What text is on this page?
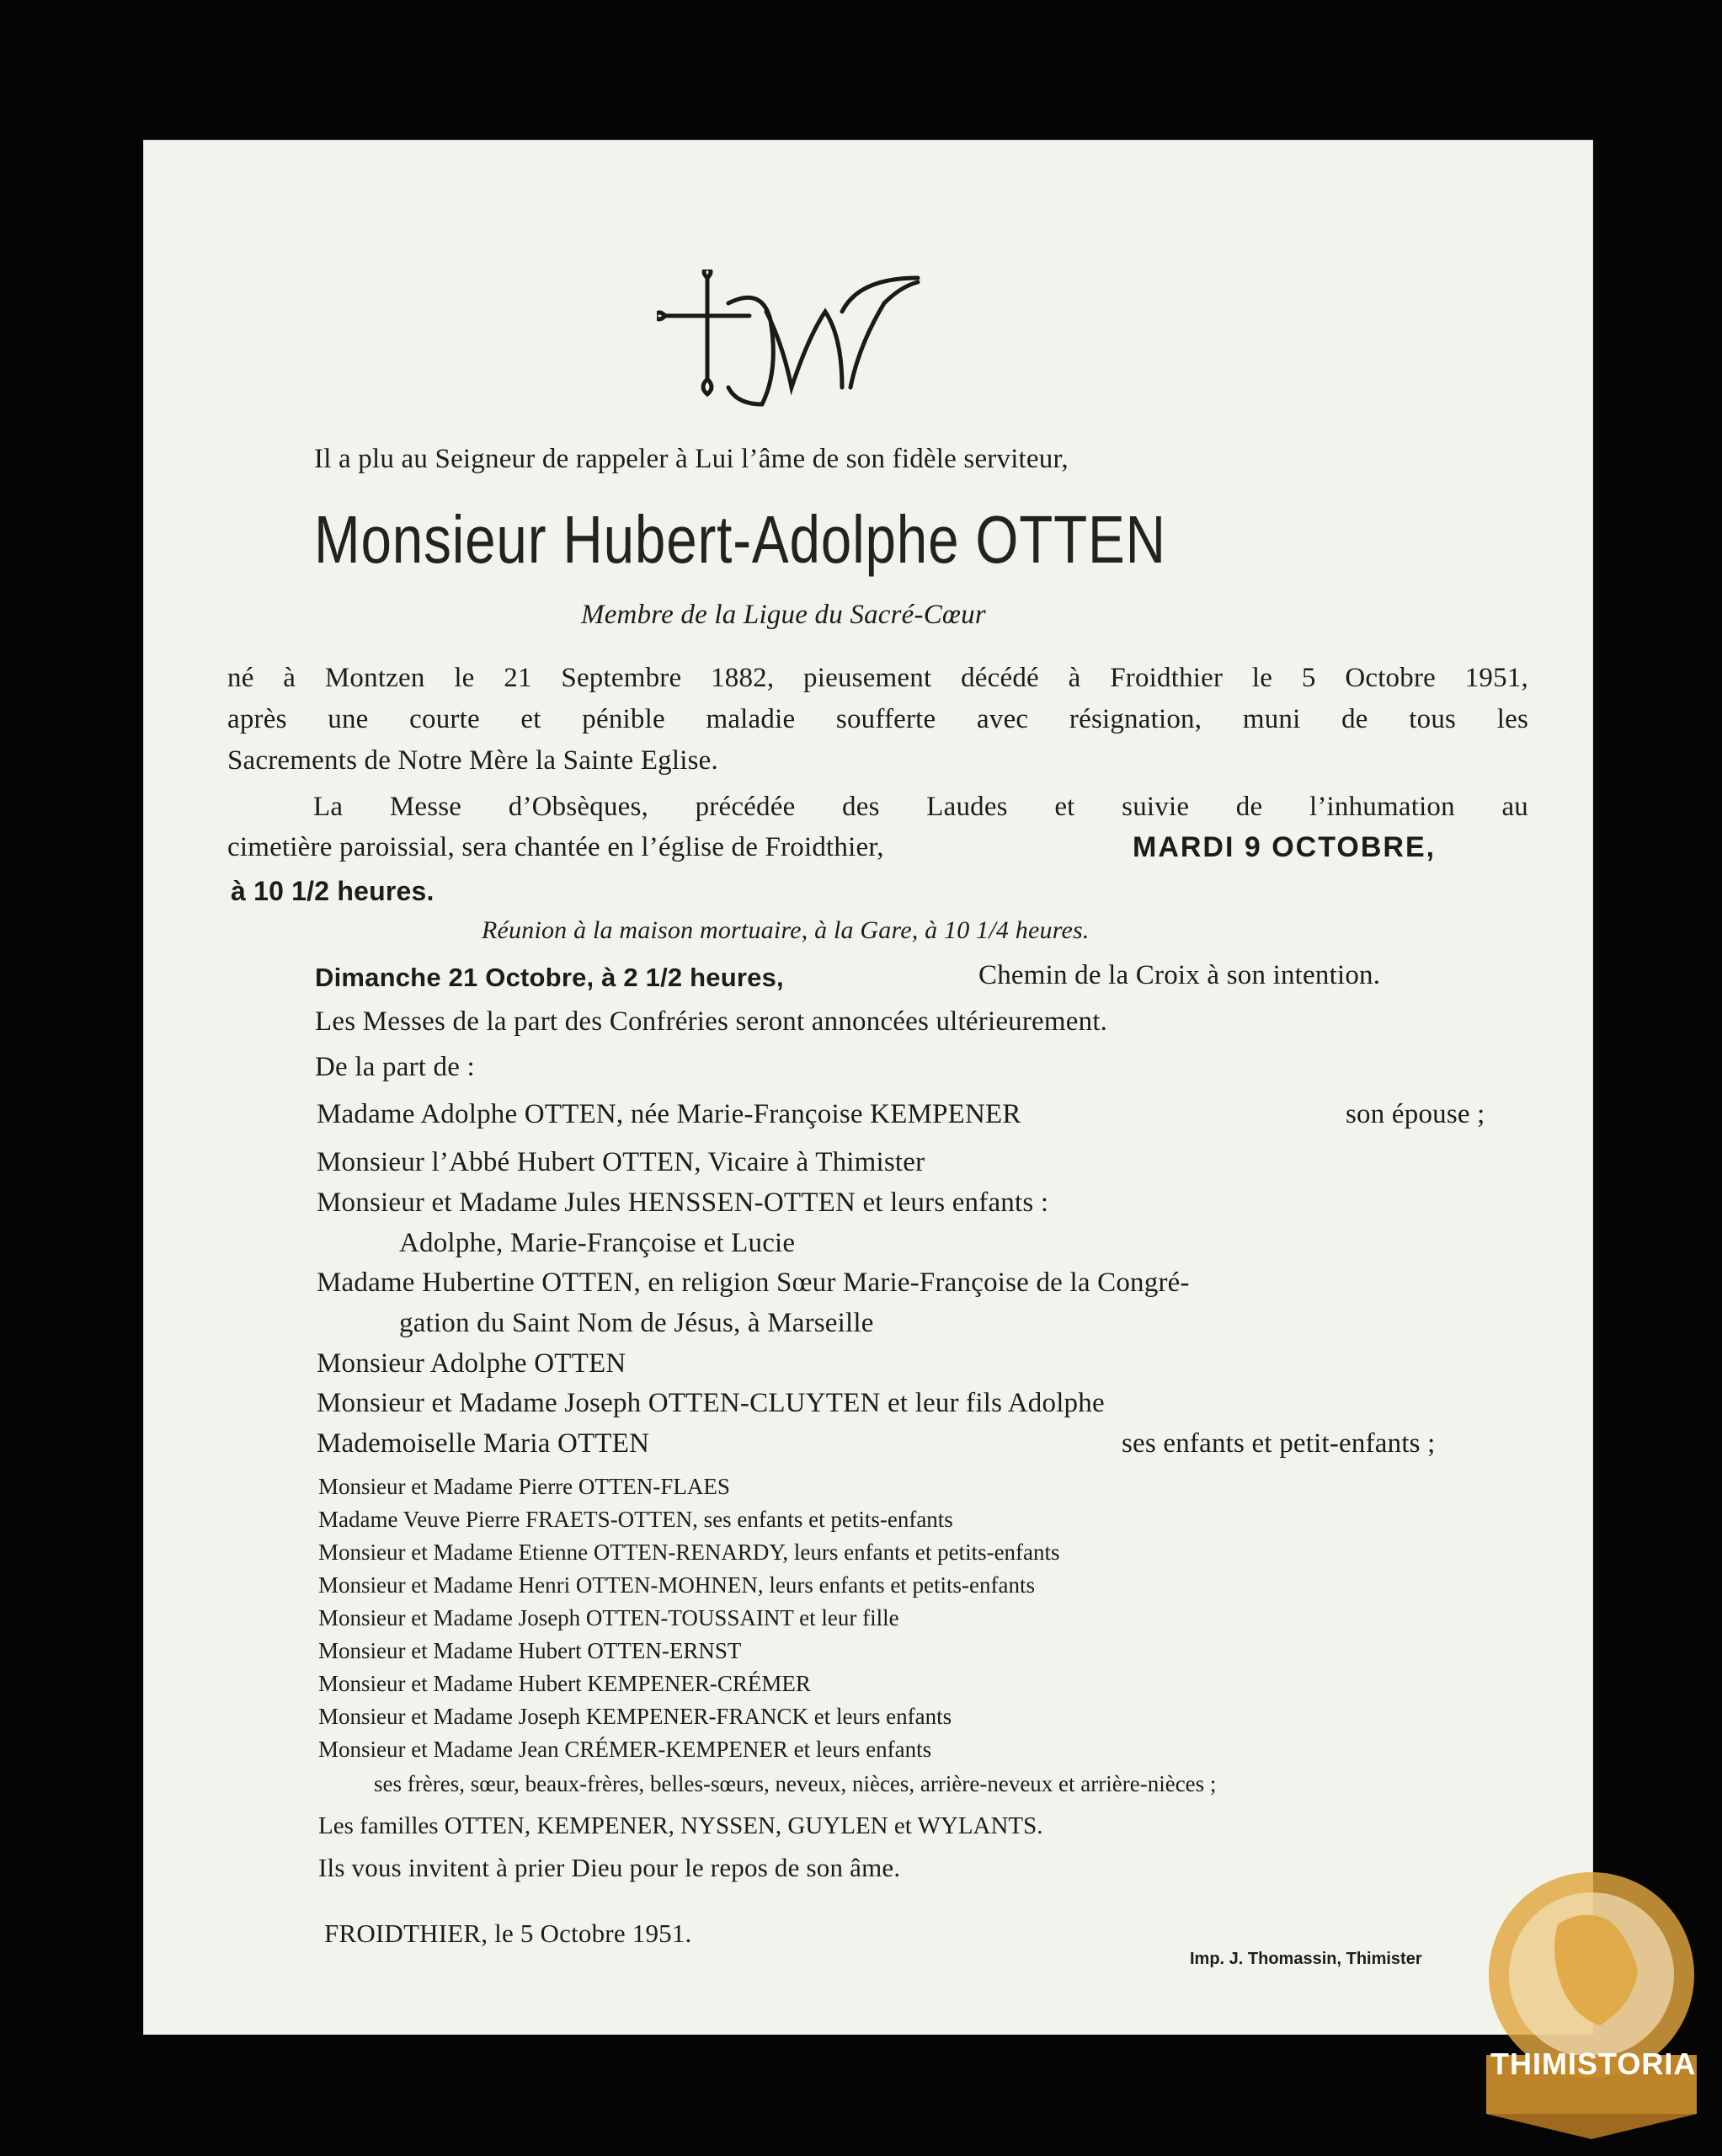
Il a plu au Seigneur de rappeler à Lui l’âme de son fidèle serviteur,
Monsieur Hubert-Adolphe OTTEN
Membre de la Ligue du Sacré-Cœur
né à Montzen le 21 Septembre 1882, pieusement décédé à Froidthier le 5 Octobre 1951,
après une courte et pénible maladie soufferte avec résignation, muni de tous les
Sacrements de Notre Mère la Sainte Eglise.
La Messe d’Obsèques, précédée des Laudes et suivie de l’inhumation au
cimetière paroissial, sera chantée en l’église de Froidthier,	MARDI 9 OCTOBRE,
à 10 1/2 heures.
Réunion à la maison mortuaire, à la Gare, à 10 1/4 heures.
Dimanche 21 Octobre, à 2 1/2 heures,	Chemin de la Croix à son intention.
Les Messes de la part des Confréries seront annoncées ultérieurement.
De la part de :
Madame Adolphe OTTEN, née Marie-Françoise KEMPENER	son épouse ;
Monsieur l’Abbé Hubert OTTEN, Vicaire à Thimister
Monsieur et Madame Jules HENSSEN-OTTEN et leurs enfants :
Adolphe, Marie-Françoise et Lucie
Madame Hubertine OTTEN, en religion Sœur Marie-Françoise de la Congré-
gation du Saint Nom de Jésus, à Marseille
Monsieur Adolphe OTTEN
Monsieur et Madame Joseph OTTEN-CLUYTEN et leur fils Adolphe
Mademoiselle Maria OTTEN	ses enfants et petit-enfants ;
Monsieur et Madame Pierre OTTEN-FLAES
Madame Veuve Pierre FRAETS-OTTEN, ses enfants et petits-enfants
Monsieur et Madame Etienne OTTEN-RENARDY, leurs enfants et petits-enfants
Monsieur et Madame Henri OTTEN-MOHNEN, leurs enfants et petits-enfants
Monsieur et Madame Joseph OTTEN-TOUSSAINT et leur fille
Monsieur et Madame Hubert OTTEN-ERNST
Monsieur et Madame Hubert KEMPENER-CRÉMER
Monsieur et Madame Joseph KEMPENER-FRANCK et leurs enfants
Monsieur et Madame Jean CRÉMER-KEMPENER et leurs enfants
ses frères, sœur, beaux-frères, belles-sœurs, neveux, nièces, arrière-neveux et arrière-nièces ;
Les familles OTTEN, KEMPENER, NYSSEN, GUYLEN et WYLANTS.
Ils vous invitent à prier Dieu pour le repos de son âme.
FROIDTHIER, le 5 Octobre 1951.
Imp. J. Thomassin, Thimister
THIMISTORIA
